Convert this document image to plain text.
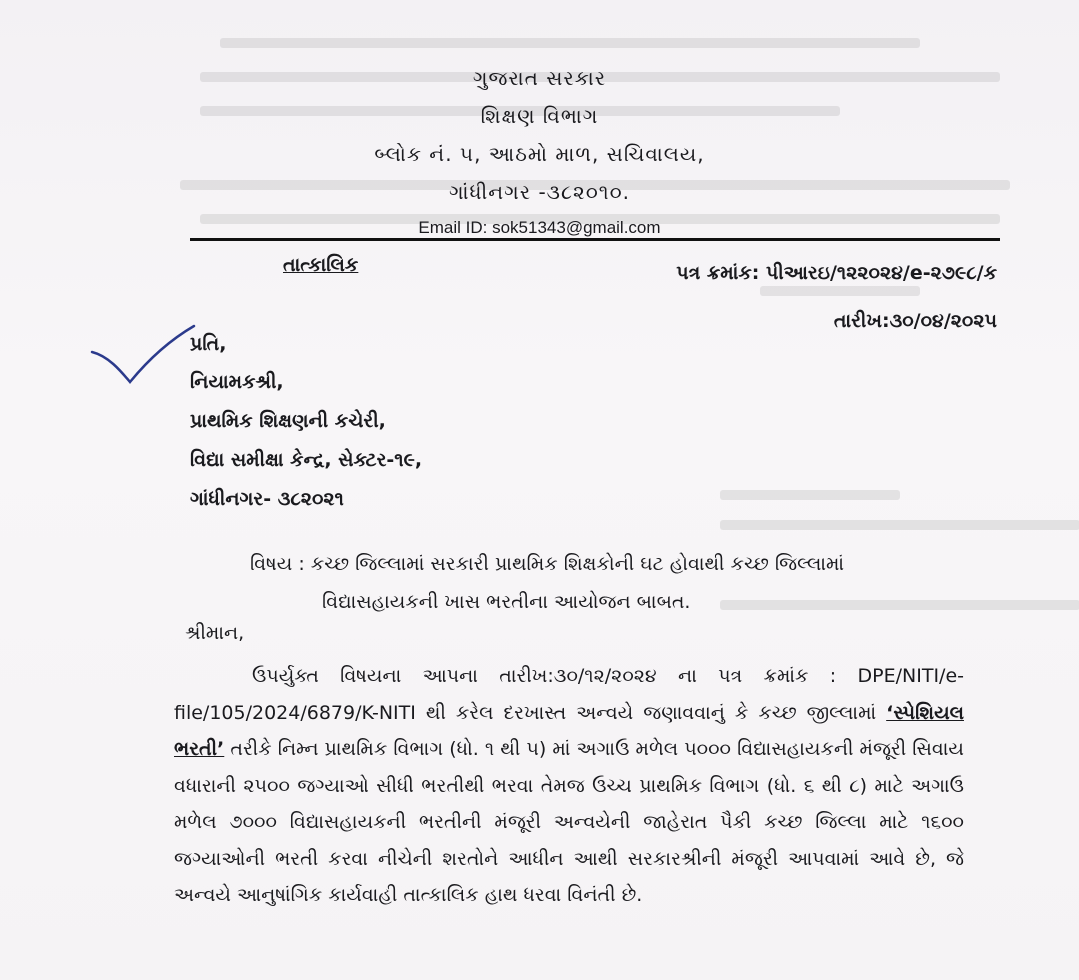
ગુજરાત સરકાર
શિક્ષણ વિભાગ
બ્લોક નં. ૫, આઠમો માળ, સચિવાલય,
ગાંધીનગર -૩૮૨૦૧૦.
Email ID: sok51343@gmail.com
તાત્કાલિક	પત્ર ક્રમાંક: પીઆરઇ/૧૨૨૦૨૪/e-૨૭૯૮/ક
તારીખ:૩૦/૦૪/૨૦૨૫
પ્રતિ,
નિયામકશ્રી,
પ્રાથમિક શિક્ષણની કચેરી,
વિદ્યા સમીક્ષા કેન્દ્ર, સેક્ટર-૧૯,
ગાંધીનગર- ૩૮૨૦૨૧
વિષય : કચ્છ જિલ્લામાં સરકારી પ્રાથમિક શિક્ષકોની ઘટ હોવાથી કચ્છ જિલ્લામાં
વિદ્યાસહાયકની ખાસ ભરતીના આયોજન બાબત.
શ્રીમાન,
ઉપર્યુક્ત વિષયના આપના તારીખ:૩૦/૧૨/૨૦૨૪ ના પત્ર ક્રમાંક : DPE/NITI/e-file/105/2024/6879/K-NITI થી કરેલ દરખાસ્ત અન્વયે જણાવવાનું કે કચ્છ જીલ્લામાં ‘સ્પેશિયલ ભરતી’ તરીકે નિમ્ન પ્રાથમિક વિભાગ (ધો. ૧ થી ૫) માં અગાઉ મળેલ ૫૦૦૦ વિદ્યાસહાયકની મંજૂરી સિવાય વધારાની ૨૫૦૦ જગ્યાઓ સીધી ભરતીથી ભરવા તેમજ ઉચ્ચ પ્રાથમિક વિભાગ (ધો. ૬ થી ૮) માટે અગાઉ મળેલ ૭૦૦૦ વિદ્યાસહાયકની ભરતીની મંજૂરી અન્વયેની જાહેરાત પૈકી કચ્છ જિલ્લા માટે ૧૬૦૦ જગ્યાઓની ભરતી કરવા નીચેની શરતોને આધીન આથી સરકારશ્રીની મંજૂરી આપવામાં આવે છે, જે અન્વયે આનુષાંગિક કાર્યવાહી તાત્કાલિક હાથ ધરવા વિનંતી છે.
